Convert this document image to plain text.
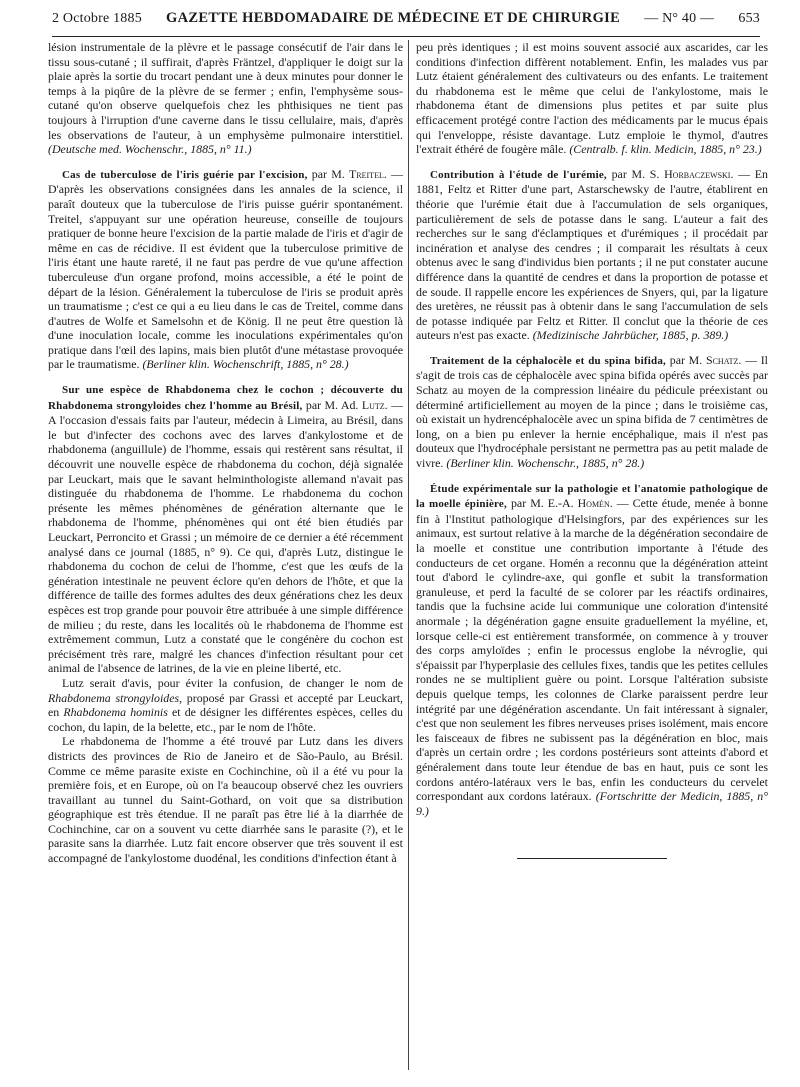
2 Octobre 1885 GAZETTE HEBDOMADAIRE DE MÉDECINE ET DE CHIRURGIE — N° 40 — 653

lésion instrumentale de la plèvre et le passage consécutif de l'air dans le tissu sous-cutané ; il suffirait, d'après Fräntzel, d'appliquer le doigt sur la plaie après la sortie du trocart pendant une à deux minutes pour donner le temps à la piqûre de la plèvre de se fermer ; enfin, l'emphysème sous-cutané qu'on observe quelquefois chez les phthisiques ne tient pas toujours à l'irruption d'une caverne dans le tissu cellulaire, mais, d'après les observations de l'auteur, à un emphysème pulmonaire interstitiel. (Deutsche med. Wochenschr., 1885, n° 11.)

Cas de tuberculose de l'iris guérie par l'excision, par M. Treitel. — D'après les observations consignées dans les annales de la science, il paraît douteux que la tuberculose de l'iris puisse guérir spontanément. Treitel, s'appuyant sur une opération heureuse, conseille de toujours pratiquer de bonne heure l'excision de la partie malade de l'iris et d'agir de même en cas de récidive. Il est évident que la tuberculose primitive de l'iris étant une haute rareté, il ne faut pas perdre de vue qu'une affection tuberculeuse d'un organe profond, moins accessible, a été le point de départ de la lésion. Généralement la tuberculose de l'iris se produit après un traumatisme ; c'est ce qui a eu lieu dans le cas de Treitel, comme dans d'autres de Wolfe et Samelsohn et de König. Il ne peut être question là d'une inoculation locale, comme les inoculations expérimentales qu'on pratique dans l'œil des lapins, mais bien plutôt d'une métastase provoquée par le traumatisme. (Berliner klin. Wochenschrift, 1885, n° 28.)

Sur une espèce de Rhabdonema chez le cochon ; découverte du Rhabdonema strongyloides chez l'homme au Brésil, par M. Ad. Lutz. — A l'occasion d'essais faits par l'auteur, médecin à Limeira, au Brésil, dans le but d'infecter des cochons avec des larves d'ankylostome et de rhabdonema (anguillule) de l'homme, essais qui restèrent sans résultat, il découvrit une nouvelle espèce de rhabdonema du cochon, déjà signalée par Leuckart, mais que le savant helminthologiste allemand n'avait pas distinguée du rhabdonema de l'homme. Le rhabdonema du cochon présente les mêmes phénomènes de génération alternante que le rhabdonema de l'homme, phénomènes qui ont été bien étudiés par Leuckart, Perroncito et Grassi ; un mémoire de ce dernier a été récemment analysé dans ce journal (1885, n° 9). Ce qui, d'après Lutz, distingue le rhabdonema du cochon de celui de l'homme, c'est que les œufs de la génération intestinale ne peuvent éclore qu'en dehors de l'hôte, et que la différence de taille des formes adultes des deux générations chez les deux espèces est trop grande pour pouvoir être attribuée à une simple différence de milieu ; du reste, dans les localités où le rhabdonema de l'homme est extrêmement commun, Lutz a constaté que le congénère du cochon est précisément très rare, malgré les chances d'infection résultant pour cet animal de l'absence de latrines, de la vie en pleine liberté, etc.

Lutz serait d'avis, pour éviter la confusion, de changer le nom de Rhabdonema strongyloides, proposé par Grassi et accepté par Leuckart, en Rhabdonema hominis et de désigner les différentes espèces, celles du cochon, du lapin, de la belette, etc., par le nom de l'hôte.

Le rhabdonema de l'homme a été trouvé par Lutz dans les divers districts des provinces de Rio de Janeiro et de São-Paulo, au Brésil. Comme ce même parasite existe en Cochinchine, où il a été vu pour la première fois, et en Europe, où on l'a beaucoup observé chez les ouvriers travaillant au tunnel du Saint-Gothard, on voit que sa distribution géographique est très étendue. Il ne paraît pas être lié à la diarrhée de Cochinchine, car on a souvent vu cette diarrhée sans le parasite (?), et le parasite sans la diarrhée. Lutz fait encore observer que très souvent il est accompagné de l'ankylostome duodénal, les conditions d'infection étant à

peu près identiques ; il est moins souvent associé aux ascarides, car les conditions d'infection diffèrent notablement. Enfin, les malades vus par Lutz étaient généralement des cultivateurs ou des enfants. Le traitement du rhabdonema est le même que celui de l'ankylostome, mais le rhabdonema étant de dimensions plus petites et par suite plus efficacement protégé contre l'action des médicaments par le mucus épais qui l'enveloppe, résiste davantage. Lutz emploie le thymol, d'autres l'extrait éthéré de fougère mâle. (Centralb. f. klin. Medicin, 1885, n° 23.)

Contribution à l'étude de l'urémie, par M. S. Horbaczewski. — En 1881, Feltz et Ritter d'une part, Astarschewsky de l'autre, établirent en théorie que l'urémie était due à l'accumulation de sels organiques, particulièrement de sels de potasse dans le sang. L'auteur a fait des recherches sur le sang d'éclamptiques et d'urémiques ; il procédait par incinération et analyse des cendres ; il comparait les résultats à ceux obtenus avec le sang d'individus bien portants ; il ne put constater aucune différence dans la quantité de cendres et dans la proportion de potasse et de soude. Il rappelle encore les expériences de Snyers, qui, par la ligature des uretères, ne réussit pas à obtenir dans le sang l'accumulation de sels de potasse indiquée par Feltz et Ritter. Il conclut que la théorie de ces auteurs n'est pas exacte. (Medizinische Jahrbücher, 1885, p. 389.)

Traitement de la céphalocèle et du spina bifida, par M. Schatz. — Il s'agit de trois cas de céphalocèle avec spina bifida opérés avec succès par Schatz au moyen de la compression linéaire du pédicule préexistant ou déterminé artificiellement au moyen de la pince ; dans le troisième cas, où existait un hydrencéphalocèle avec un spina bifida de 7 centimètres de long, on a bien pu enlever la hernie encéphalique, mais il n'est pas douteux que l'hydrocéphale persistant ne permettra pas au petit malade de vivre. (Berliner klin. Wochenschr., 1885, n° 28.)

Étude expérimentale sur la pathologie et l'anatomie pathologique de la moelle épinière, par M. E.-A. Homén. — Cette étude, menée à bonne fin à l'Institut pathologique d'Helsingfors, par des expériences sur les animaux, est surtout relative à la marche de la dégénération secondaire de la moelle et constitue une contribution importante à l'étude des conducteurs de cet organe. Homén a reconnu que la dégénération atteint tout d'abord le cylindre-axe, qui gonfle et subit la transformation granuleuse, et perd la faculté de se colorer par les réactifs ordinaires, tandis que la fuchsine acide lui communique une coloration d'intensité anormale ; la dégénération gagne ensuite graduellement la myéline, et, lorsque celle-ci est entièrement transformée, on commence à y trouver des corps amyloïdes ; enfin le processus englobe la névroglie, qui s'épaissit par l'hyperplasie des cellules fixes, tandis que les petites cellules rondes ne se multiplient guère ou point. Lorsque l'altération subsiste depuis quelque temps, les colonnes de Clarke paraissent perdre leur intégrité par une dégénération ascendante. Un fait intéressant à signaler, c'est que non seulement les fibres nerveuses prises isolément, mais encore les faisceaux de fibres ne subissent pas la dégénération en bloc, mais d'après un certain ordre ; les cordons postérieurs sont atteints d'abord et généralement dans toute leur étendue de bas en haut, puis ce sont les cordons antéro-latéraux vers le bas, enfin les conducteurs du cervelet correspondant aux cordons latéraux. (Fortschritte der Medicin, 1885, n° 9.)
